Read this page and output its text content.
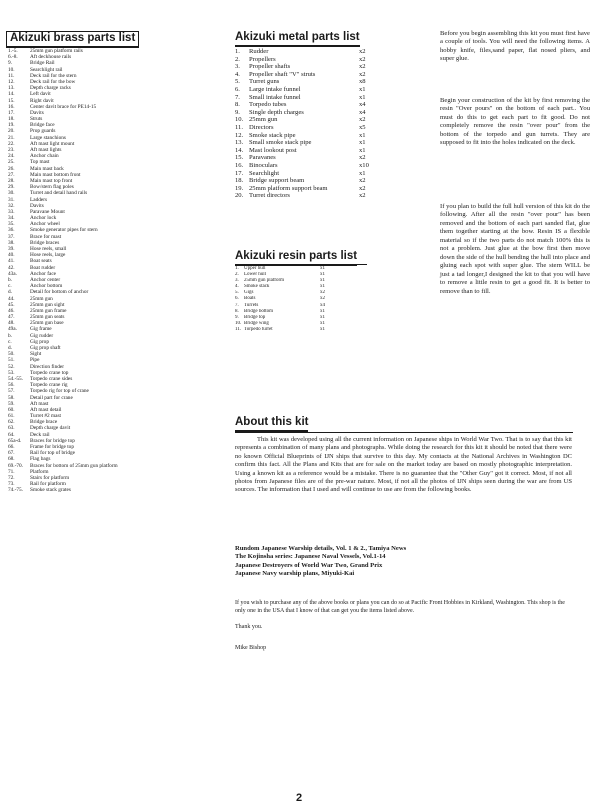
Akizuki brass parts list
1.-5.	25mm gun platform rails
6.-8.	Aft deckhouse rails
9.	Bridge Rail
10.	Searchlight rail
11.	Deck rail for the stern
12.	Deck rail for the bow
13.	Depth charge racks
14.	Left davit
15.	Right davit
16.	Center davit brace for PE14-15
17.	Davits
18.	Struts
19.	Bridge face
20.	Prop guards
21.	Large stanchions
22.	Aft mast light mount
23.	Aft mast lights
24.	Anchor chain
25.	Top mast
26.	Main mast back
27.	Main mast bottom front
28.	Main mast top front
29.	Bow/stern flag poles
30.	Turret and detail hand rails
31.	Ladders
32.	Davits
33.	Paravane Mount
34.	Anchor lock
35.	Anchor wheel
36.	Smoke generator pipes for stern
37.	Brace for mast
38.	Bridge braces
39.	Hose reels, small
40.	Hose reels, large
41.	Boat seats
42.	Boat rudder
43a.	Anchor face
b.	Anchor center
c.	Anchor bottom
d.	Detail for bottom of anchor
44.	25mm gun
45.	25mm gun sight
46.	25mm gun frame
47.	25mm gun seats
48.	25mm gun base
49a.	Gig frame
b.	Gig rudder
c.	Gig prop
d.	Gig prop shaft
50.	Sight
51.	Pipe
52.	Direction finder
53.	Torpedo crane top
54.-55.	Torpedo crane sides
56.	Torpedo crane rig
57.	Torpedo rig for top of crane
58.	Detail part for crane
59.	Aft mast
60.	Aft mast detail
61.	Turret #2 mast
62.	Bridge brace
63.	Depth charge davit
64.	Deck rail
65a-d.	Braces for bridge top
66.	Frame for bridge top
67.	Rail for top of bridge
68.	Flag bags
69.-70.	Braces for bottom of 25mm gun platform
71.	Platform
72.	Stairs for platform
73.	Rail for platform
74.-75.	Smoke stack grates
Akizuki metal parts list
1.	Rudder	x2
2.	Propellers	x2
3.	Propeller shafts	x2
4.	Propeller shaft "V" struts	x2
5.	Turret guns	x8
6.	Large intake funnel	x1
7.	Small intake funnel	x1
8.	Torpedo tubes	x4
9.	Single depth charges	x4
10. 25mm gun	x2
11. Directors	x5
12. Smoke stack pipe	x1
13. Small smoke stack pipe	x1
14. Mast lookout post	x1
15. Paravanes	x2
16. Binoculars	x10
17. Searchlight	x1
18. Bridge support beam	x2
19. 25mm platform support beam	x2
20. Turret directors	x2
Akizuki resin parts list
1.	Upper hull	x1
2.	Lower hull	x1
3.	25mm gun platform	x1
4.	Smoke stack	x1
5.	Gigs	x2
6.	Boats	x2
7.	Turrets	x4
8.	Bridge bottom	x1
9.	Bridge top	x1
10. Bridge wing	x1
11. Torpedo turret	x1

Before you begin assembling this kit you must first have a couple of tools. You will need the following items. A hobby knife, files,sand paper, flat nosed pliers, and super glue.

Begin your construction of the kit by first removing the resin "Over pours" on the bottom of each part.. You must do this to get each part to fit good. Do not completely remove the resin "over pour" from the bottom of the torpedo and gun turrets. They are supposed to fit into the holes indicated on the deck.

If you plan to build the full hull version of this kit do the following. After all the resin "over pour" has been removed and the bottom of each part sanded flat, glue them together starting at the bow. Resin IS a flexible material so if the two parts do not match 100% this is not a problem. Just glue at the bow first then move down the side of the hull bending the hull into place and gluing each spot with super glue. The stern WILL be just a tad longer,I designed the kit to that you will have to remove a little resin to get a good fit. It is better to remove than to fill.

About this kit

This kit was developed using all the current information on Japanese ships in World War Two. That is to say that this kit represents a combination of many plans and photographs. While doing the research for this kit it should be noted that there were no known Official Blueprints of IJN ships that survive to this day. My contacts at the National Archives in Washington DC confirm this fact. All the Plans and Kits that are for sale on the market today are based on mostly photographic interpretation. Using a known kit as a reference would be a mistake. There is no guarantee that the "Other Guy" got it correct. Most, if not all photos from Japanese files are of the pre-war nature. Most, if not all the photos of IJN ships seen during the war are from US sources. The information that I used and will continue to use are from the following books.

Rundom Japanese Warship details, Vol. 1 & 2., Tamiya News
The Kojinsha series: Japanese Naval Vessels, Vol.1-14
Japanese Destroyers of World War Two, Grand Prix
Japanese Navy warship plans, Miyuki-Kai

If you wish to purchase any of the above books or plans you can do so at Pacific Front Hobbies in Kirkland, Washington. This shop is the only one in the USA that I know of that can get you the items listed above.

Thank you.

Mike Bishop

2
